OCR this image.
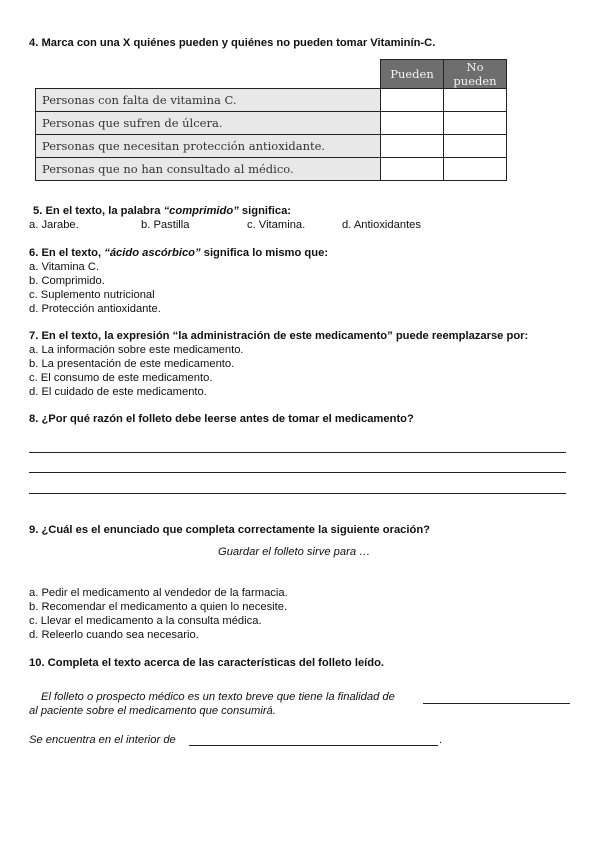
4. Marca con una X quiénes pueden y quiénes no pueden tomar Vitaminín-C.
	Pueden	No pueden
Personas con falta de vitamina C.		
Personas que sufren de úlcera.		
Personas que necesitan protección antioxidante.		
Personas que no han consultado al médico.		
5. En el texto, la palabra “comprimido” significa:
a. Jarabe.	b. Pastilla	c. Vitamina.	d. Antioxidantes
6. En el texto, “ácido ascórbico” significa lo mismo que:
a. Vitamina C.
b. Comprimido.
c. Suplemento nutricional
d. Protección antioxidante.
7. En el texto, la expresión “la administración de este medicamento” puede reemplazarse por:
a. La información sobre este medicamento.
b. La presentación de este medicamento.
c. El consumo de este medicamento.
d. El cuidado de este medicamento.
8. ¿Por qué razón el folleto debe leerse antes de tomar el medicamento?
9. ¿Cuál es el enunciado que completa correctamente la siguiente oración?
Guardar el folleto sirve para …
a. Pedir el medicamento al vendedor de la farmacia.
b. Recomendar el medicamento a quien lo necesite.
c. Llevar el medicamento a la consulta médica.
d. Releerlo cuando sea necesario.
10. Completa el texto acerca de las características del folleto leído.
El folleto o prospecto médico es un texto breve que tiene la finalidad de
al paciente sobre el medicamento que consumirá.
Se encuentra en el interior de	.
